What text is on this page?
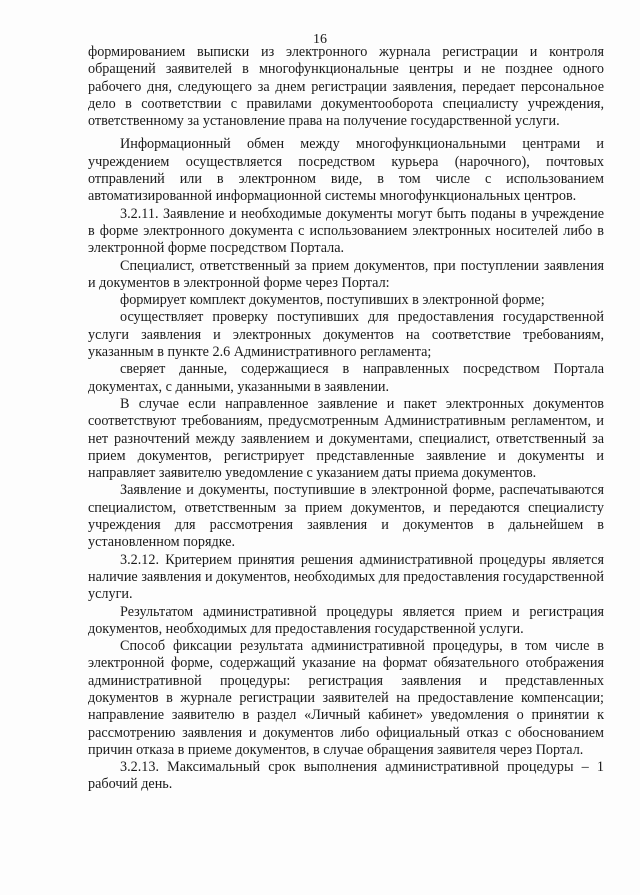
16

формированием выписки из электронного журнала регистрации и контроля обращений заявителей в многофункциональные центры и не позднее одного рабочего дня, следующего за днем регистрации заявления, передает персональное дело в соответствии с правилами документооборота специалисту учреждения, ответственному за установление права на получение государственной услуги.

Информационный обмен между многофункциональными центрами и учреждением осуществляется посредством курьера (нарочного), почтовых отправлений или в электронном виде, в том числе с использованием автоматизированной информационной системы многофункциональных центров.

3.2.11. Заявление и необходимые документы могут быть поданы в учреждение в форме электронного документа с использованием электронных носителей либо в электронной форме посредством Портала.

Специалист, ответственный за прием документов, при поступлении заявления и документов в электронной форме через Портал:

формирует комплект документов, поступивших в электронной форме;

осуществляет проверку поступивших для предоставления государственной услуги заявления и электронных документов на соответствие требованиям, указанным в пункте 2.6 Административного регламента;

сверяет данные, содержащиеся в направленных посредством Портала документах, с данными, указанными в заявлении.

В случае если направленное заявление и пакет электронных документов соответствуют требованиям, предусмотренным Административным регламентом, и нет разночтений между заявлением и документами, специалист, ответственный за прием документов, регистрирует представленные заявление и документы и направляет заявителю уведомление с указанием даты приема документов.

Заявление и документы, поступившие в электронной форме, распечатываются специалистом, ответственным за прием документов, и передаются специалисту учреждения для рассмотрения заявления и документов в дальнейшем в установленном порядке.

3.2.12. Критерием принятия решения административной процедуры является наличие заявления и документов, необходимых для предоставления государственной услуги.

Результатом административной процедуры является прием и регистрация документов, необходимых для предоставления государственной услуги.

Способ фиксации результата административной процедуры, в том числе в электронной форме, содержащий указание на формат обязательного отображения административной процедуры: регистрация заявления и представленных документов в журнале регистрации заявителей на предоставление компенсации; направление заявителю в раздел «Личный кабинет» уведомления о принятии к рассмотрению заявления и документов либо официальный отказ с обоснованием причин отказа в приеме документов, в случае обращения заявителя через Портал.

3.2.13. Максимальный срок выполнения административной процедуры – 1 рабочий день.
